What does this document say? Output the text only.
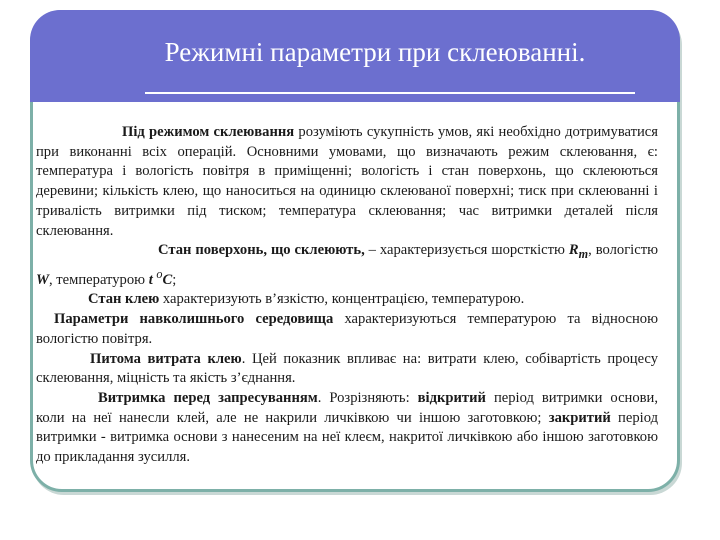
Режимні параметри при склеюванні.

Під режимом склеювання розуміють сукупність умов, які необхідно дотримуватися при виконанні всіх операцій. Основними умовами, що визначають режим склеювання, є: температура і вологість повітря в приміщенні; вологість і стан поверхонь, що склеюються деревини; кількість клею, що наноситься на одиницю склеюваної поверхні; тиск при склеюванні і тривалість витримки під тиском; температура склеювання; час витримки деталей після склеювання.

Стан поверхонь, що склеюють, – характеризується шорсткістю $R_m$, вологістю W, температурою t $^о$С;

Стан клею характеризують в’язкістю, концентрацією, температурою.

Параметри навколишнього середовища характеризуються температурою та відносною вологістю повітря.

Питома витрата клею. Цей показник впливає на: витрати клею, собівартість процесу склеювання, міцність та якість з’єднання.

Витримка перед запресуванням. Розрізняють: відкритий період витримки основи, коли на неї нанесли клей, але не накрили личківкою чи іншою заготовкою; закритий період витримки - витримка основи з нанесеним на неї клеєм, накритої личківкою або іншою заготовкою до прикладання зусилля.
